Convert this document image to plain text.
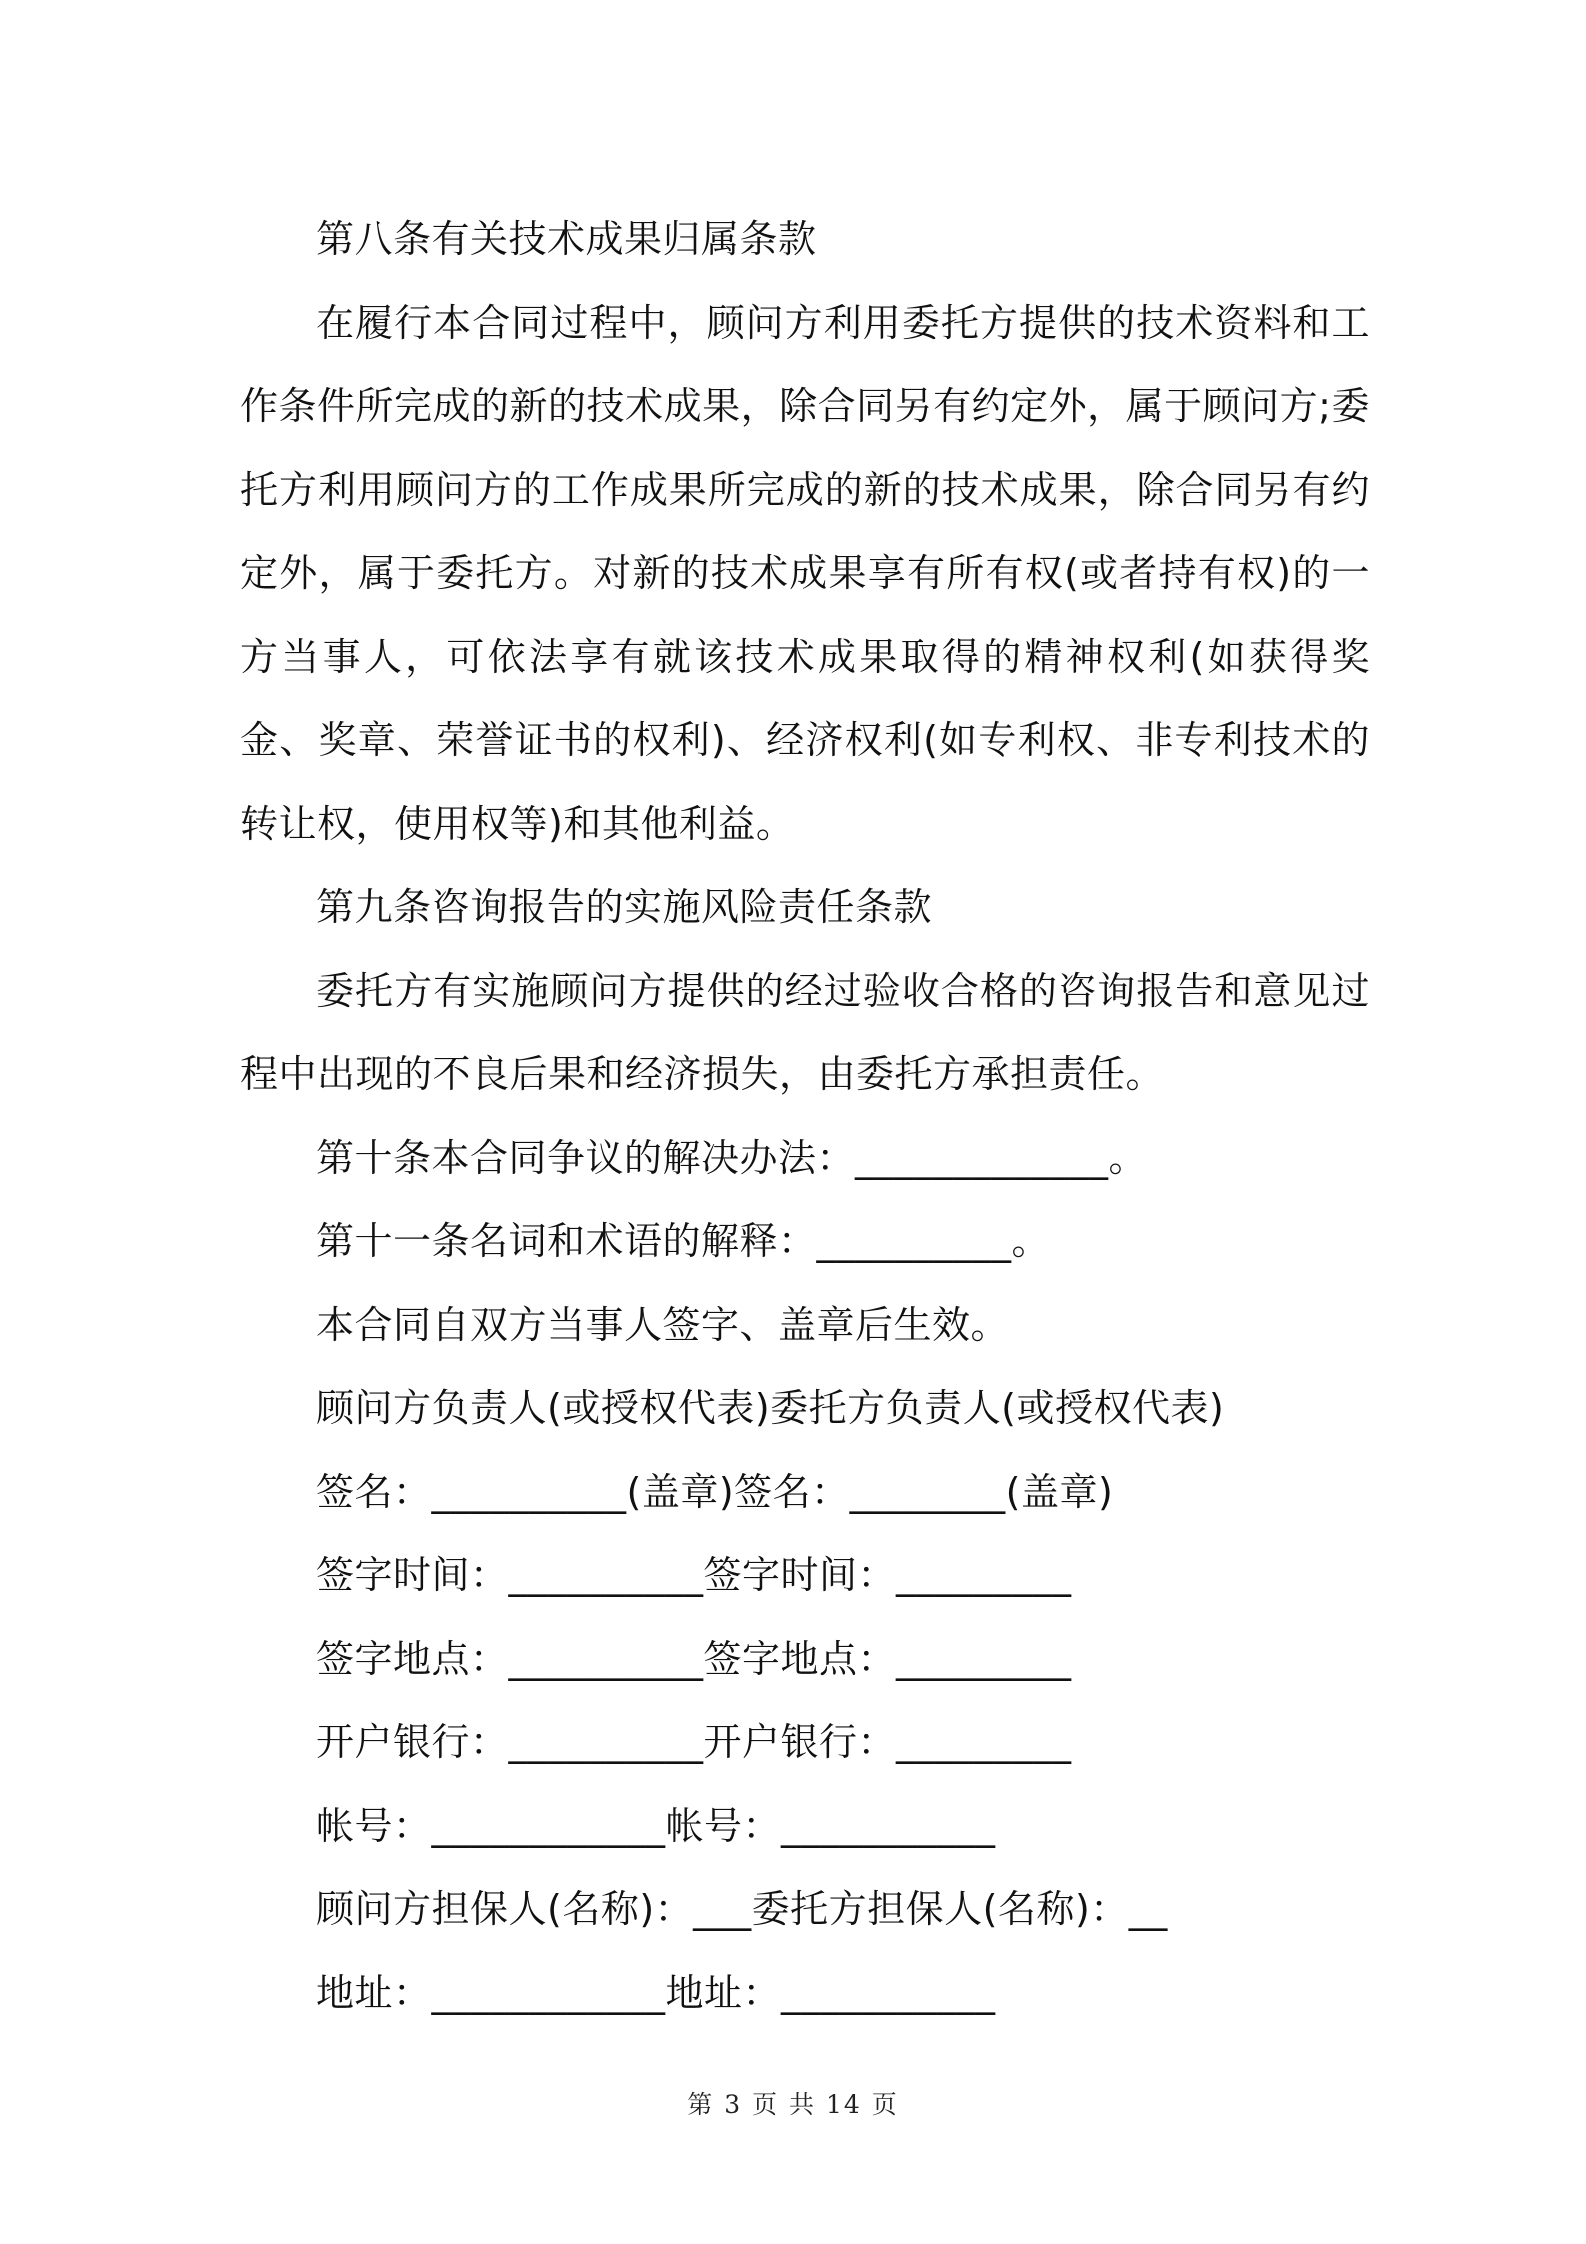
第八条有关技术成果归属条款

在履行本合同过程中，顾问方利用委托方提供的技术资料和工作条件所完成的新的技术成果，除合同另有约定外，属于顾问方;委托方利用顾问方的工作成果所完成的新的技术成果，除合同另有约定外，属于委托方。对新的技术成果享有所有权(或者持有权)的一方当事人，可依法享有就该技术成果取得的精神权利(如获得奖金、奖章、荣誉证书的权利)、经济权利(如专利权、非专利技术的转让权，使用权等)和其他利益。

第九条咨询报告的实施风险责任条款

委托方有实施顾问方提供的经过验收合格的咨询报告和意见过程中出现的不良后果和经济损失，由委托方承担责任。

第十条本合同争议的解决办法：_____________。

第十一条名词和术语的解释：__________。

本合同自双方当事人签字、盖章后生效。

顾问方负责人(或授权代表)委托方负责人(或授权代表)

签名：__________(盖章)签名：________(盖章)

签字时间：__________签字时间：_________

签字地点：__________签字地点：_________

开户银行：__________开户银行：_________

帐号：____________帐号：___________

顾问方担保人(名称)：___委托方担保人(名称)：__

地址：____________地址：___________

第 3 页 共 14 页
